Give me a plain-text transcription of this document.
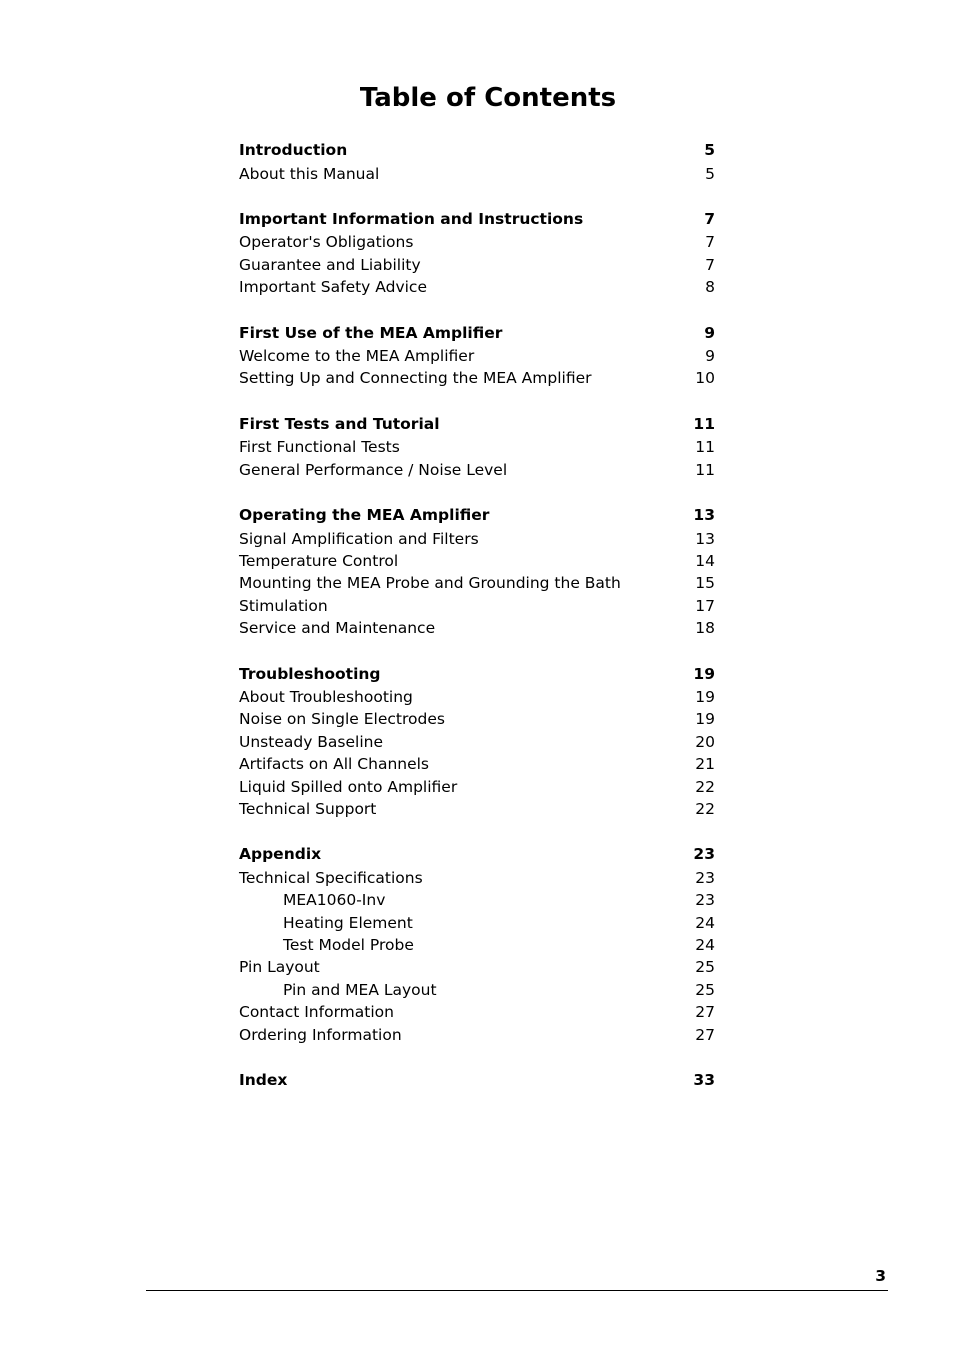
Table of Contents
Introduction	5
About this Manual	5
Important Information and Instructions	7
Operator's Obligations	7
Guarantee and Liability	7
Important Safety Advice	8
First Use of the MEA Amplifier	9
Welcome to the MEA Amplifier	9
Setting Up and Connecting the MEA Amplifier	10
First Tests and Tutorial	11
First Functional Tests	11
General Performance / Noise Level	11
Operating the MEA Amplifier	13
Signal Amplification and Filters	13
Temperature Control	14
Mounting the MEA Probe and Grounding the Bath	15
Stimulation	17
Service and Maintenance	18
Troubleshooting	19
About Troubleshooting	19
Noise on Single Electrodes	19
Unsteady Baseline	20
Artifacts on All Channels	21
Liquid Spilled onto Amplifier	22
Technical Support	22
Appendix	23
Technical Specifications	23
MEA1060-Inv	23
Heating Element	24
Test Model Probe	24
Pin Layout	25
Pin and MEA Layout	25
Contact Information	27
Ordering Information	27
Index	33
3
